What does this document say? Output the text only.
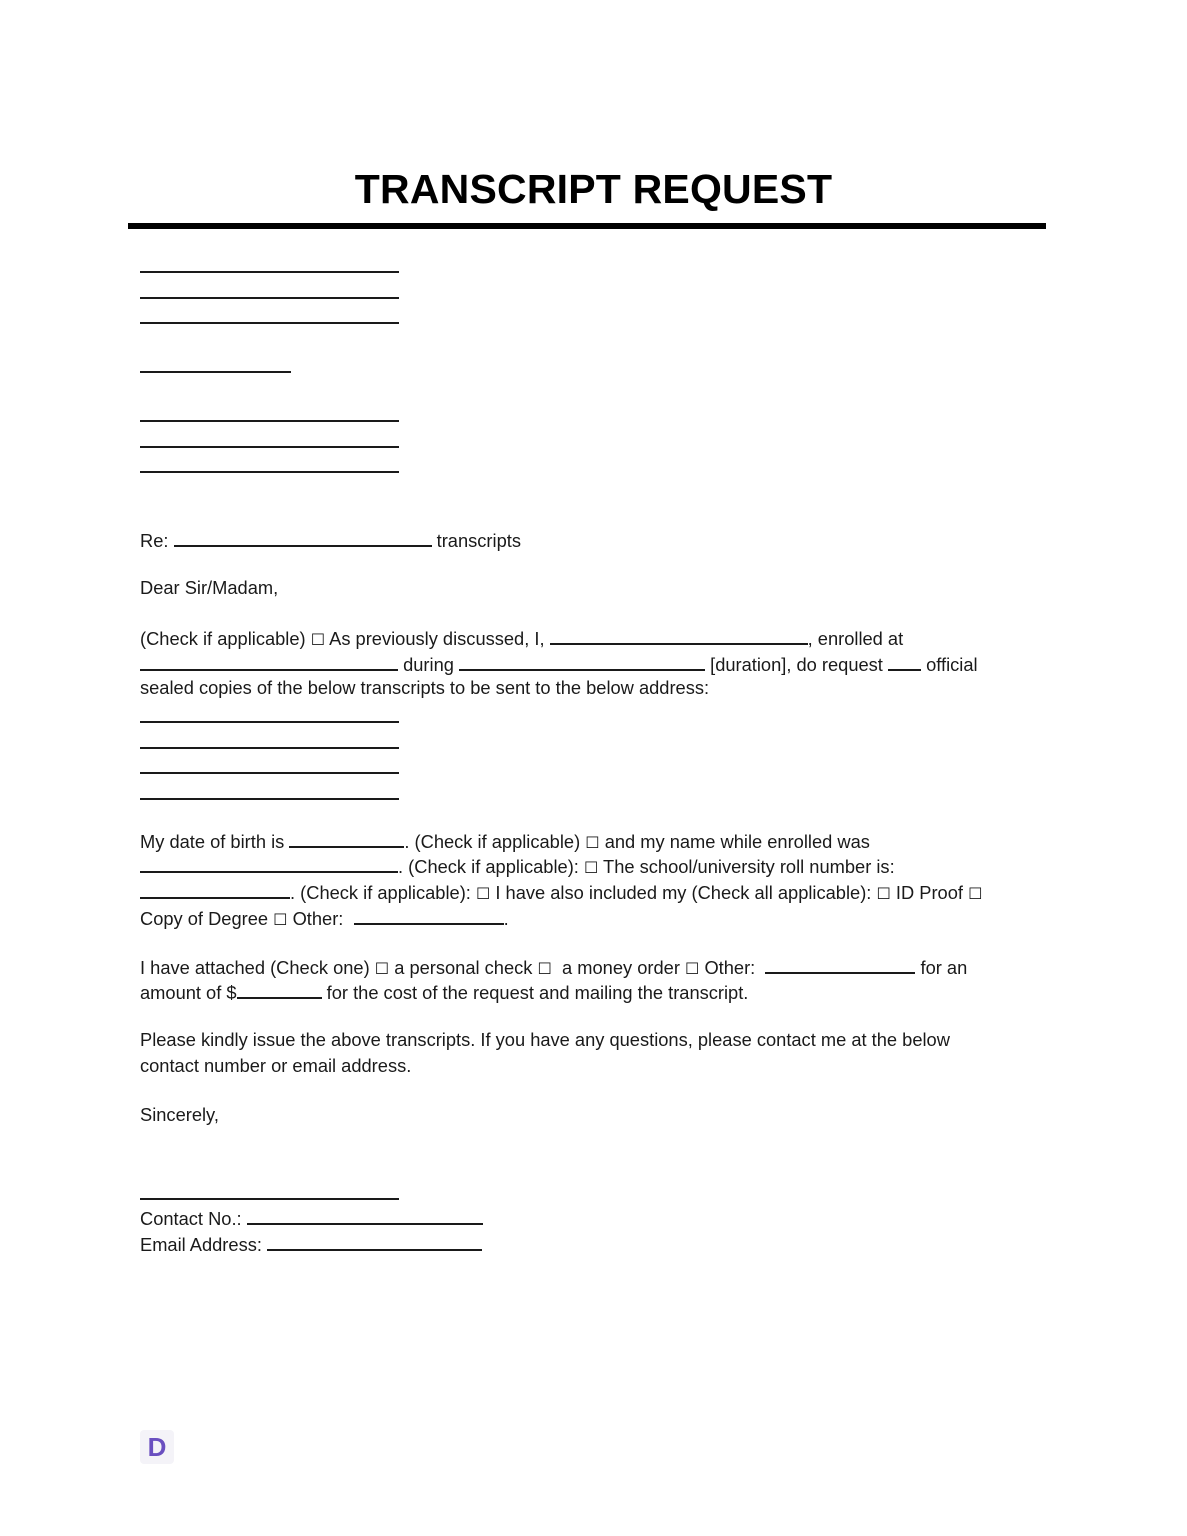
TRANSCRIPT REQUEST
Re:	transcripts
Dear Sir/Madam,
(Check if applicable) ☐ As previously discussed, I,	, enrolled at
during	[duration], do request official
sealed copies of the below transcripts to be sent to the below address:
My date of birth is	. (Check if applicable) ☐ and my name while enrolled was
. (Check if applicable): ☐ The school/university roll number is:
. (Check if applicable): ☐ I have also included my (Check all applicable): ☐ ID Proof ☐
Copy of Degree ☐ Other:	.
I have attached (Check one) ☐ a personal check ☐ a money order ☐ Other:	for an
amount of $	for the cost of the request and mailing the transcript.
Please kindly issue the above transcripts. If you have any questions, please contact me at the below
contact number or email address.
Sincerely,
Contact No.:
Email Address:
D
